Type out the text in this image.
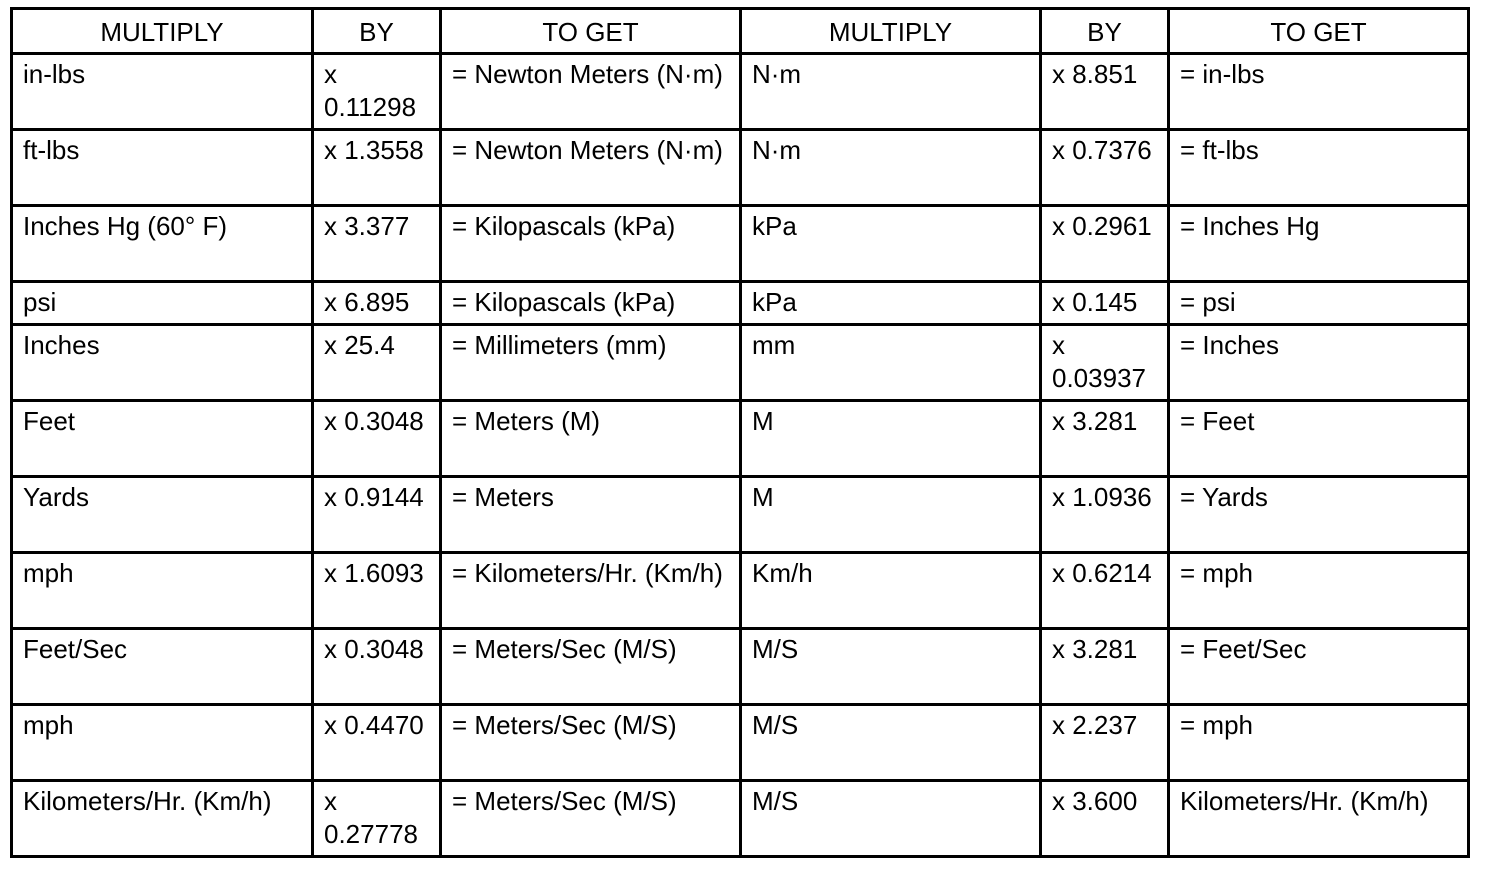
MULTIPLY	BY	TO GET	MULTIPLY	BY	TO GET
in-lbs	x 0.11298	= Newton Meters (N·m)	N·m	x 8.851	= in-lbs
ft-lbs	x 1.3558	= Newton Meters (N·m)	N·m	x 0.7376	= ft-lbs
Inches Hg (60° F)	x 3.377	= Kilopascals (kPa)	kPa	x 0.2961	= Inches Hg
psi	x 6.895	= Kilopascals (kPa)	kPa	x 0.145	= psi
Inches	x 25.4	= Millimeters (mm)	mm	x 0.03937	= Inches
Feet	x 0.3048	= Meters (M)	M	x 3.281	= Feet
Yards	x 0.9144	= Meters	M	x 1.0936	= Yards
mph	x 1.6093	= Kilometers/Hr. (Km/h)	Km/h	x 0.6214	= mph
Feet/Sec	x 0.3048	= Meters/Sec (M/S)	M/S	x 3.281	= Feet/Sec
mph	x 0.4470	= Meters/Sec (M/S)	M/S	x 2.237	= mph
Kilometers/Hr. (Km/h)	x 0.27778	= Meters/Sec (M/S)	M/S	x 3.600	Kilometers/Hr. (Km/h)
